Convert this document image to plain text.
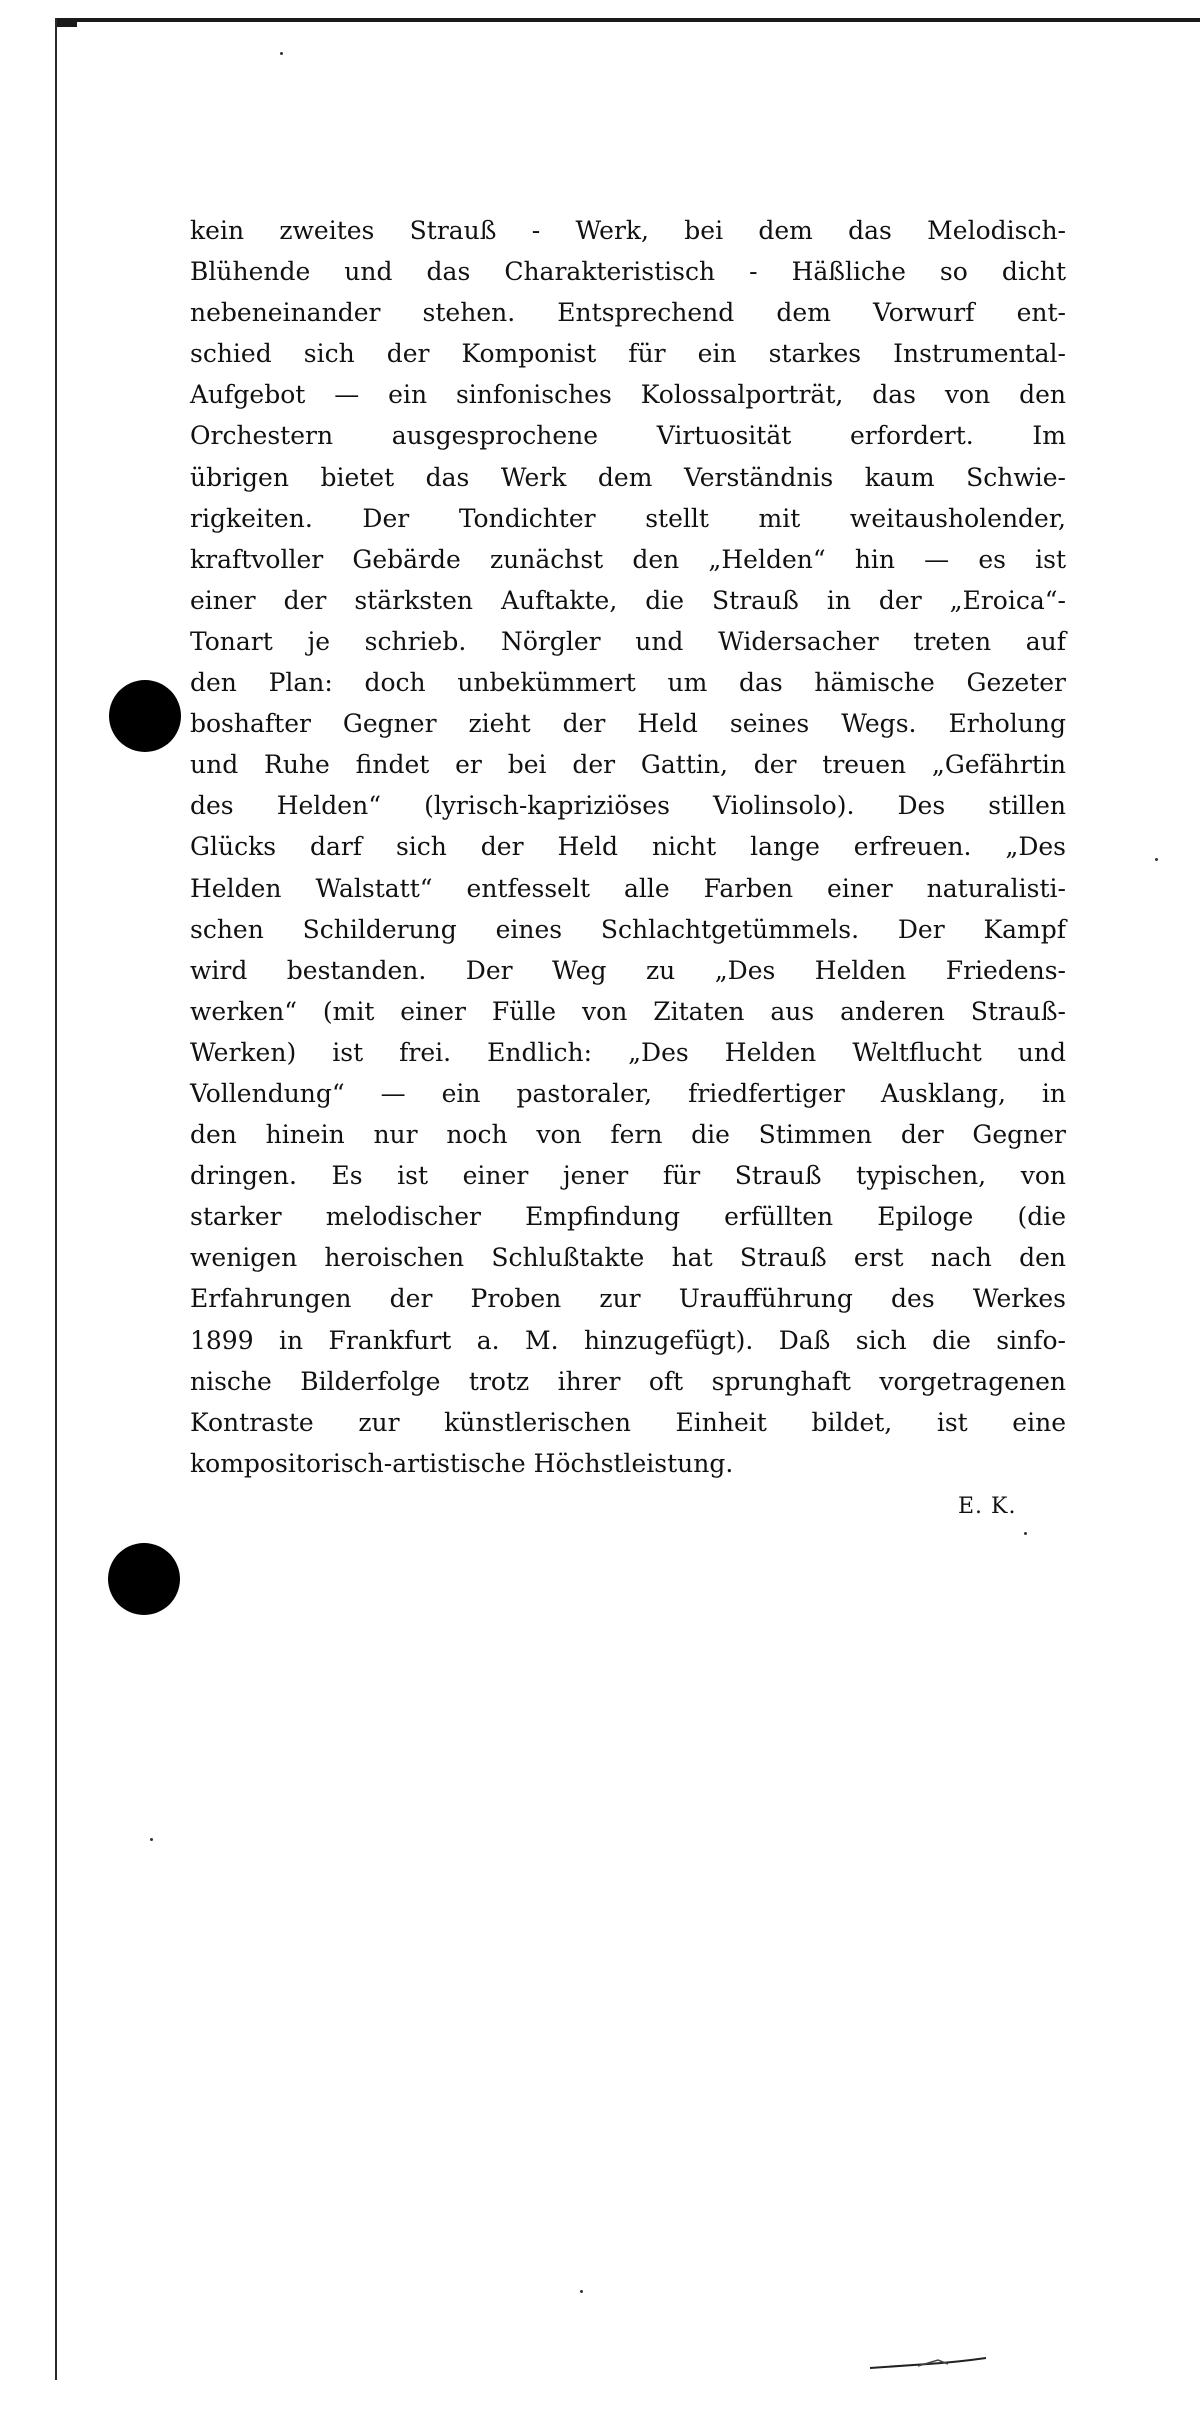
kein zweites Strauß - Werk, bei dem das Melodisch-
Blühende und das Charakteristisch - Häßliche so dicht
nebeneinander stehen. Entsprechend dem Vorwurf ent-
schied sich der Komponist für ein starkes Instrumental-
Aufgebot — ein sinfonisches Kolossalporträt, das von den
Orchestern ausgesprochene Virtuosität erfordert. Im
übrigen bietet das Werk dem Verständnis kaum Schwie-
rigkeiten. Der Tondichter stellt mit weitausholender,
kraftvoller Gebärde zunächst den „Helden“ hin — es ist
einer der stärksten Auftakte, die Strauß in der „Eroica“-
Tonart je schrieb. Nörgler und Widersacher treten auf
den Plan: doch unbekümmert um das hämische Gezeter
boshafter Gegner zieht der Held seines Wegs. Erholung
und Ruhe findet er bei der Gattin, der treuen „Gefährtin
des Helden“ (lyrisch-kapriziöses Violinsolo). Des stillen
Glücks darf sich der Held nicht lange erfreuen. „Des
Helden Walstatt“ entfesselt alle Farben einer naturalisti-
schen Schilderung eines Schlachtgetümmels. Der Kampf
wird bestanden. Der Weg zu „Des Helden Friedens-
werken“ (mit einer Fülle von Zitaten aus anderen Strauß-
Werken) ist frei. Endlich: „Des Helden Weltflucht und
Vollendung“ — ein pastoraler, friedfertiger Ausklang, in
den hinein nur noch von fern die Stimmen der Gegner
dringen. Es ist einer jener für Strauß typischen, von
starker melodischer Empfindung erfüllten Epiloge (die
wenigen heroischen Schlußtakte hat Strauß erst nach den
Erfahrungen der Proben zur Uraufführung des Werkes
1899 in Frankfurt a. M. hinzugefügt). Daß sich die sinfo-
nische Bilderfolge trotz ihrer oft sprunghaft vorgetragenen
Kontraste zur künstlerischen Einheit bildet, ist eine
kompositorisch-artistische Höchstleistung.
E. K.
